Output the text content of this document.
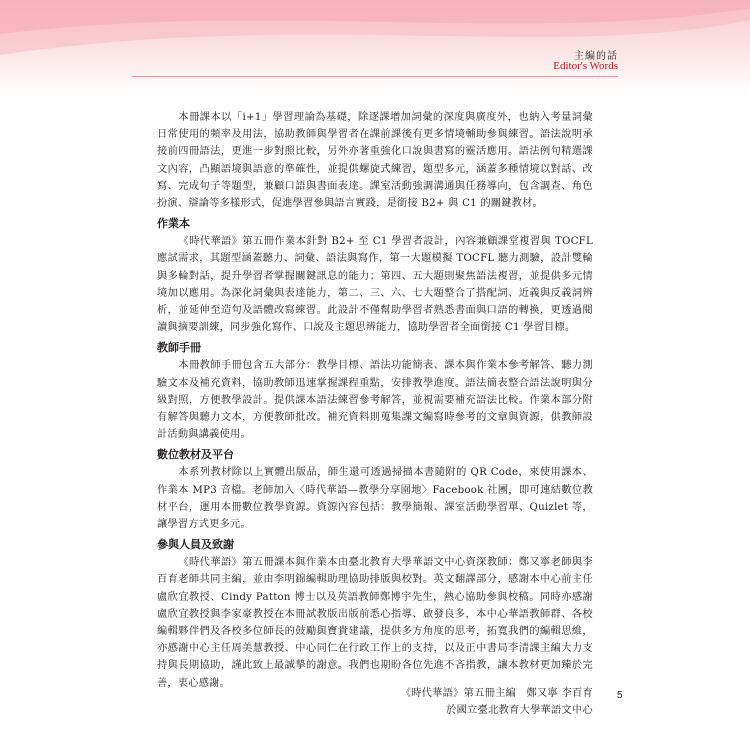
主編的話
Editor's Words

本冊課本以「i+1」學習理論為基礎，除逐課增加詞彙的深度與廣度外，也納入考量詞彙日常使用的頻率及用法，協助教師與學習者在課前課後有更多情境輔助參與練習。語法說明承接前四冊語法，更進一步對照比較，另外亦著重強化口說與書寫的靈活應用。語法例句精選課文內容，凸顯語境與語意的準確性，並提供螺旋式練習，題型多元，涵蓋多種情境以對話、改寫、完成句子等題型，兼顧口語與書面表達。課室活動強調溝通與任務導向，包含調查、角色扮演、辯論等多樣形式，促進學習參與語言實踐，是銜接 B2+ 與 C1 的關鍵教材。

作業本

《時代華語》第五冊作業本針對 B2+ 至 C1 學習者設計，內容兼顧課堂複習與 TOCFL 應試需求，其題型涵蓋聽力、詞彙、語法與寫作，第一大題模擬 TOCFL 聽力測驗，設計雙輪與多輪對話，提升學習者掌握關鍵訊息的能力；第四、五大題則聚焦語法複習，並提供多元情境加以應用。為深化詞彙與表達能力，第二、三、六、七大題整合了搭配詞、近義與反義詞辨析，並延伸至造句及語體改寫練習。此設計不僅幫助學習者熟悉書面與口語的轉換，更透過閱讀與摘要訓練，同步強化寫作、口說及主題思辨能力，協助學習者全面銜接 C1 學習目標。

教師手冊

本冊教師手冊包含五大部分：教學目標、語法功能簡表、課本與作業本參考解答、聽力測驗文本及補充資料，協助教師迅速掌握課程重點，安排教學進度。語法簡表整合語法說明與分級對照，方便教學設計。提供課本語法練習參考解答，並視需要補充語法比較。作業本部分附有解答與聽力文本，方便教師批改。補充資料則蒐集課文編寫時參考的文章與資源，供教師設計活動與講義使用。

數位教材及平台

本系列教材除以上實體出版品，師生還可透過掃描本書隨附的 QR Code，來使用課本、作業本 MP3 音檔。老師加入〈時代華語—教學分享園地〉Facebook 社團，即可連結數位教材平台，運用本冊數位教學資源。資源內容包括：教學簡報、課室活動學習單、Quizlet 等，讓學習方式更多元。

參與人員及致謝

《時代華語》第五冊課本與作業本由臺北教育大學華語文中心資深教師：鄭又寧老師與李百育老師共同主編，並由李明錦編輯助理協助排版與校對。英文翻譯部分，感謝本中心前主任盧欣宜教授、Cindy Patton 博士以及英語教師鄭博宇先生，熱心協助參與校稿。同時亦感謝盧欣宜教授與李家豪教授在本冊試教版出版前悉心指導、啟發良多，本中心華語教師群、各校編輯夥伴們及各校多位師長的鼓勵與寶貴建議，提供多方角度的思考，拓寬我們的編輯思維，亦感謝中心主任周美慧教授、中心同仁在行政工作上的支持，以及正中書局李清課主編大力支持與長期協助，謹此致上最誠摯的謝意。我們也期盼各位先進不吝指教，讓本教材更加臻於完善，衷心感謝。

《時代華語》第五冊主編　鄭又寧 李百育
於國立臺北教育大學華語文中心
5
